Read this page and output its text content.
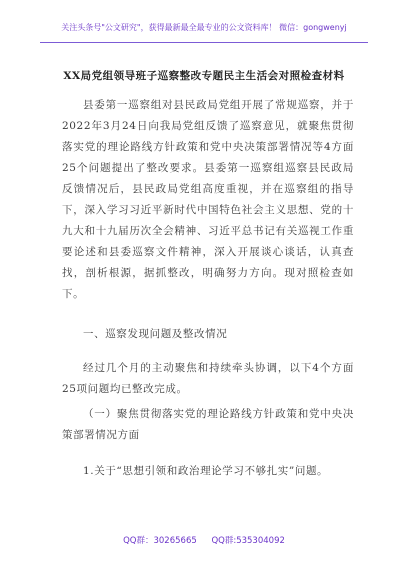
关注头条号"公文研究"，获得最新最全最专业的公文资料库！ 微信：gongwenyj
XX局党组领导班子巡察整改专题民主生活会对照检查材料
县委第一巡察组对县民政局党组开展了常规巡察，并于2022年3月24日向我局党组反馈了巡察意见，就聚焦贯彻落实党的理论路线方针政策和党中央决策部署情况等4方面25个问题提出了整改要求。县委第一巡察组巡察县民政局反馈情况后，县民政局党组高度重视，并在巡察组的指导下，深入学习习近平新时代中国特色社会主义思想、党的十九大和十九届历次全会精神、习近平总书记有关巡视工作重要论述和县委巡察文件精神，深入开展谈心谈话，认真查找，剖析根源，据抓整改，明确努力方向。现对照检查如下。
一、巡察发现问题及整改情况
经过几个月的主动聚焦和持续牵头协调，以下4个方面25项问题均已整改完成。
（一）聚焦贯彻落实党的理论路线方针政策和党中央决策部署情况方面
1.关于“思想引领和政治理论学习不够扎实”问题。
QQ群：30265665 QQ群:535304092
